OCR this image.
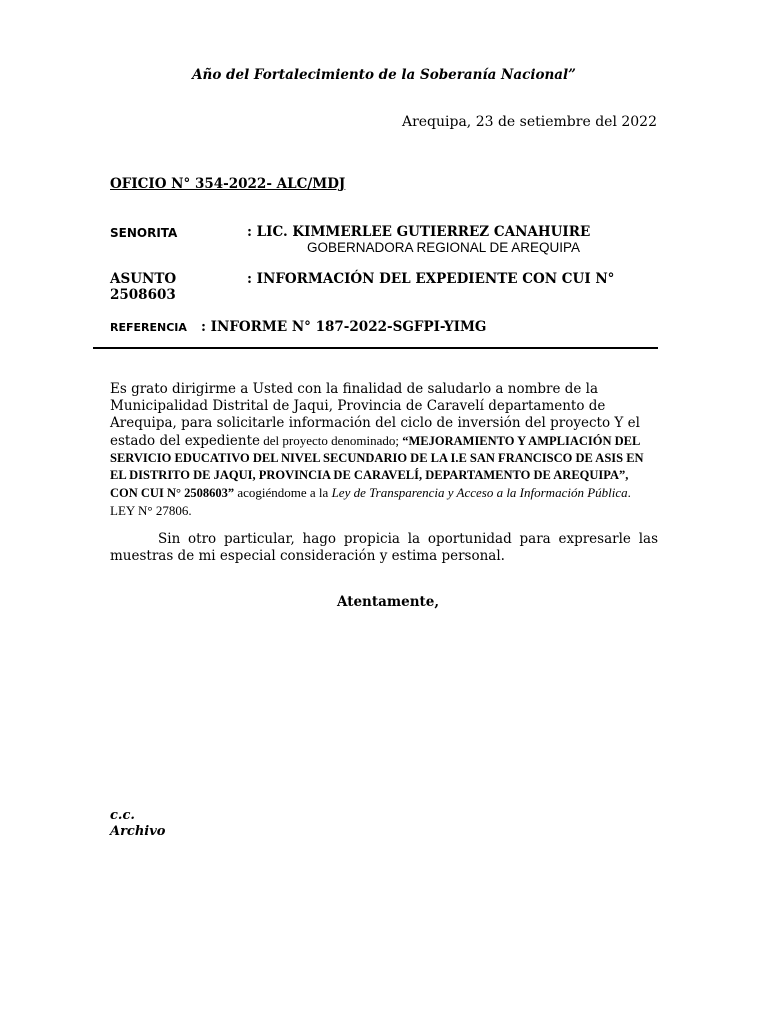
Año del Fortalecimiento de la Soberanía Nacional”
Arequipa, 23 de setiembre del 2022
OFICIO N° 354-2022- ALC/MDJ
SENORITA	: LIC. KIMMERLEE GUTIERREZ CANAHUIRE
GOBERNADORA REGIONAL DE AREQUIPA
ASUNTO	: INFORMACIÓN DEL EXPEDIENTE CON CUI N°
2508603
REFERENCIA : INFORME N° 187-2022-SGFPI-YIMG
Es grato dirigirme a Usted con la finalidad de saludarlo a nombre de la
Municipalidad Distrital de Jaqui, Provincia de Caravelí departamento de
Arequipa, para solicitarle información del ciclo de inversión del proyecto Y el
estado del expediente del proyecto denominado; “MEJORAMIENTO Y AMPLIACIÓN DEL SERVICIO EDUCATIVO DEL NIVEL SECUNDARIO DE LA I.E SAN FRANCISCO DE ASIS EN EL DISTRITO DE JAQUI, PROVINCIA DE CARAVELÍ, DEPARTAMENTO DE AREQUIPA”, CON CUI N° 2508603” acogiéndome a la Ley de Transparencia y Acceso a la Información Pública. LEY N° 27806.
Sin otro particular, hago propicia la oportunidad para expresarle las muestras de mi especial consideración y estima personal.
Atentamente,
c.c.
Archivo
